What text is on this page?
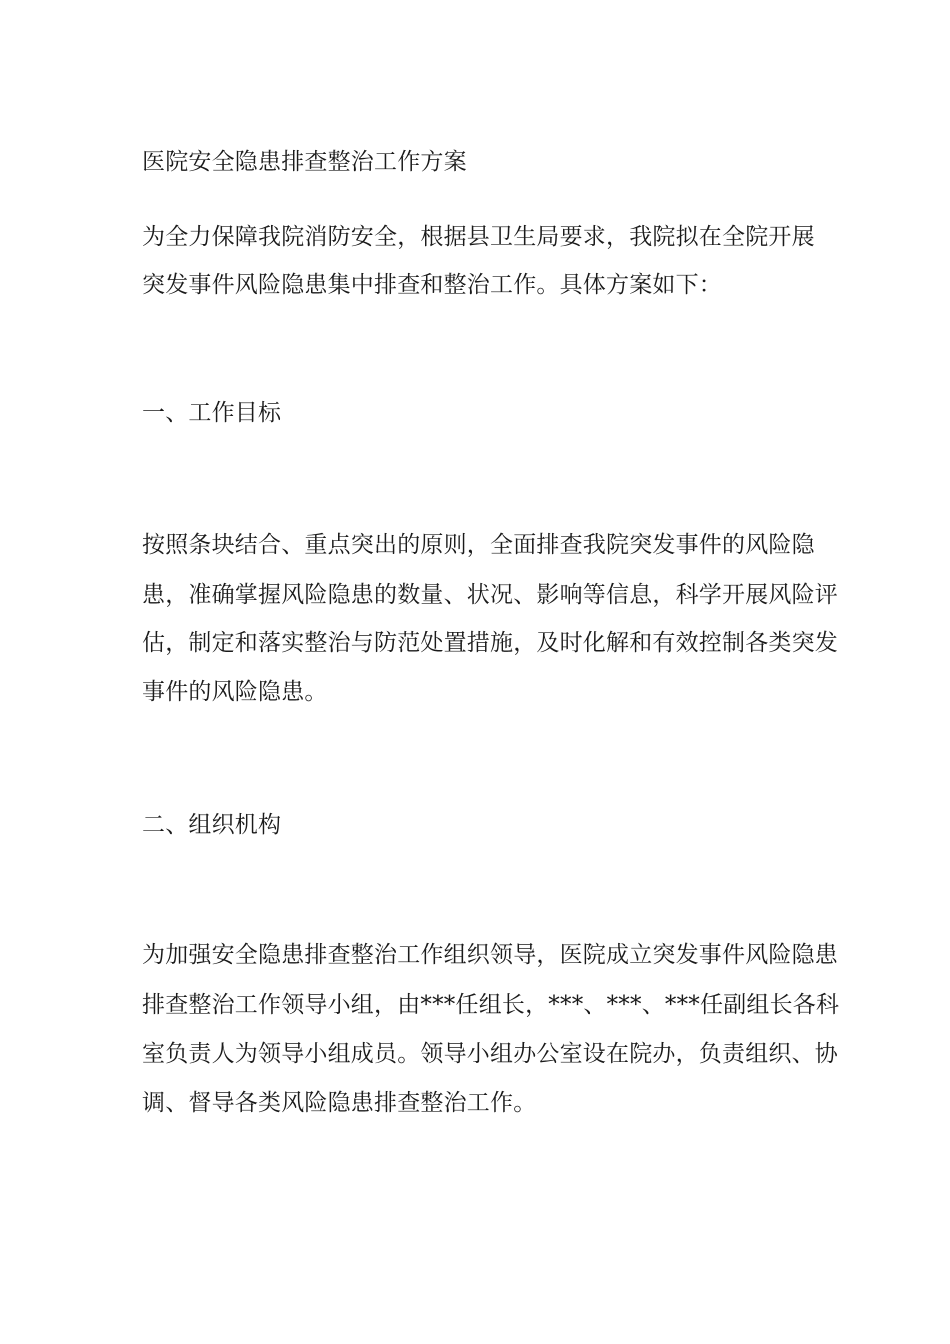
医院安全隐患排查整治工作方案
为全力保障我院消防安全，根据县卫生局要求，我院拟在全院开展
突发事件风险隐患集中排查和整治工作。具体方案如下：
一、工作目标
按照条块结合、重点突出的原则，全面排查我院突发事件的风险隐
患，准确掌握风险隐患的数量、状况、影响等信息，科学开展风险评
估，制定和落实整治与防范处置措施，及时化解和有效控制各类突发
事件的风险隐患。
二、组织机构
为加强安全隐患排查整治工作组织领导，医院成立突发事件风险隐患
排查整治工作领导小组，由***任组长，***、***、***任副组长各科
室负责人为领导小组成员。领导小组办公室设在院办，负责组织、协
调、督导各类风险隐患排查整治工作。
